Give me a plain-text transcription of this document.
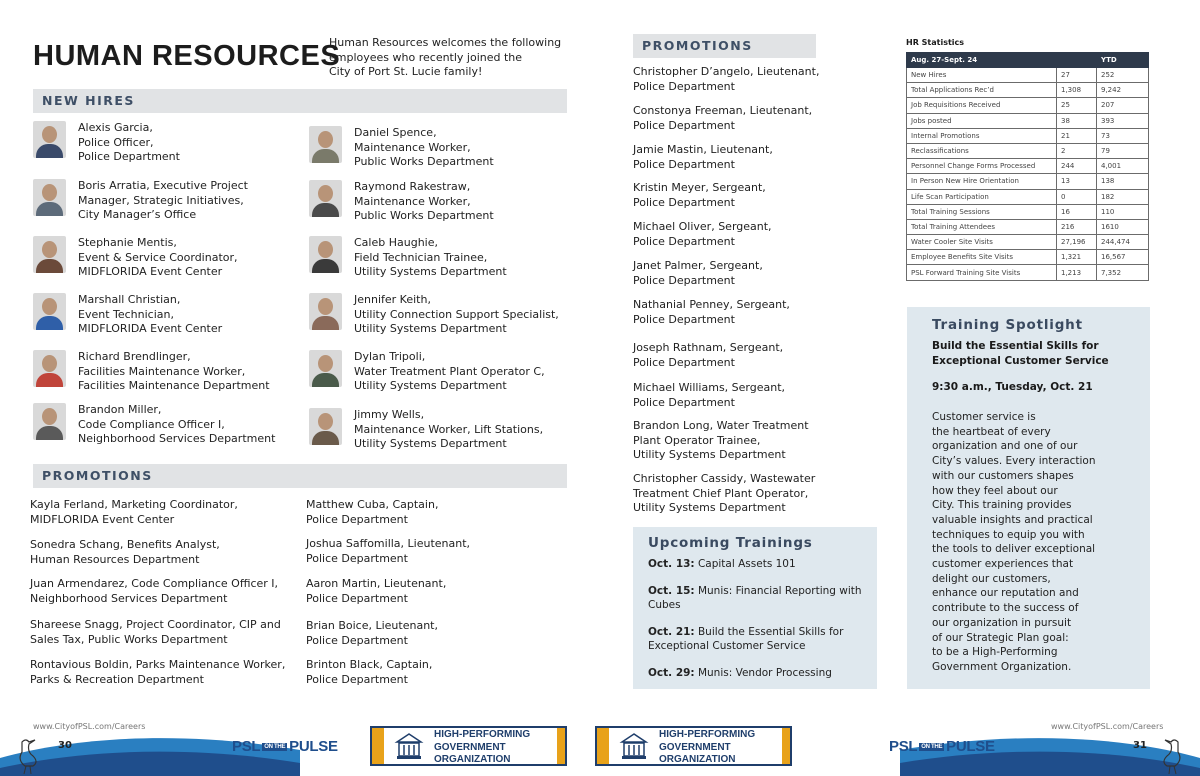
HUMAN RESOURCES
Human Resources welcomes the following
employees who recently joined the
City of Port St. Lucie family!
NEW HIRES
Alexis Garcia,
Police Officer,
Police Department
Boris Arratia, Executive Project
Manager, Strategic Initiatives,
City Manager’s Office
Stephanie Mentis,
Event & Service Coordinator,
MIDFLORIDA Event Center
Marshall Christian,
Event Technician,
MIDFLORIDA Event Center
Richard Brendlinger,
Facilities Maintenance Worker,
Facilities Maintenance Department
Brandon Miller,
Code Compliance Officer I,
Neighborhood Services Department
Daniel Spence,
Maintenance Worker,
Public Works Department
Raymond Rakestraw,
Maintenance Worker,
Public Works Department
Caleb Haughie,
Field Technician Trainee,
Utility Systems Department
Jennifer Keith,
Utility Connection Support Specialist,
Utility Systems Department
Dylan Tripoli,
Water Treatment Plant Operator C,
Utility Systems Department
Jimmy Wells,
Maintenance Worker, Lift Stations,
Utility Systems Department
PROMOTIONS
Kayla Ferland, Marketing Coordinator,
MIDFLORIDA Event Center
Sonedra Schang, Benefits Analyst,
Human Resources Department
Juan Armendarez, Code Compliance Officer I,
Neighborhood Services Department
Shareese Snagg, Project Coordinator, CIP and
Sales Tax, Public Works Department
Rontavious Boldin, Parks Maintenance Worker,
Parks & Recreation Department
Matthew Cuba, Captain,
Police Department
Joshua Saffomilla, Lieutenant,
Police Department
Aaron Martin, Lieutenant,
Police Department
Brian Boice, Lieutenant,
Police Department
Brinton Black, Captain,
Police Department
PROMOTIONS
Christopher D’angelo, Lieutenant,
Police Department
Constonya Freeman, Lieutenant,
Police Department
Jamie Mastin, Lieutenant,
Police Department
Kristin Meyer, Sergeant,
Police Department
Michael Oliver, Sergeant,
Police Department
Janet Palmer, Sergeant,
Police Department
Nathanial Penney, Sergeant,
Police Department
Joseph Rathnam, Sergeant,
Police Department
Michael Williams, Sergeant,
Police Department
Brandon Long, Water Treatment
Plant Operator Trainee,
Utility Systems Department
Christopher Cassidy, Wastewater
Treatment Chief Plant Operator,
Utility Systems Department
HR Statistics
Aug. 27-Sept. 24		YTD
New Hires	27	252
Total Applications Rec’d	1,308	9,242
Job Requisitions Received	25	207
Jobs posted	38	393
Internal Promotions	21	73
Reclassifications	2	79
Personnel Change Forms Processed	244	4,001
In Person New Hire Orientation	13	138
Life Scan Participation	0	182
Total Training Sessions	16	110
Total Training Attendees	216	1610
Water Cooler Site Visits	27,196	244,474
Employee Benefits Site Visits	1,321	16,567
PSL Forward Training Site Visits	1,213	7,352
Upcoming Trainings
Oct. 13: Capital Assets 101
Oct. 15: Munis: Financial Reporting with Cubes
Oct. 21: Build the Essential Skills for Exceptional Customer Service
Oct. 29: Munis: Vendor Processing
Training Spotlight
Build the Essential Skills for
Exceptional Customer Service
9:30 a.m., Tuesday, Oct. 21
Customer service is
the heartbeat of every
organization and one of our
City’s values. Every interaction
with our customers shapes
how they feel about our
City. This training provides
valuable insights and practical
techniques to equip you with
the tools to deliver exceptional
customer experiences that
delight our customers,
enhance our reputation and
contribute to the success of
our organization in pursuit
of our Strategic Plan goal:
to be a High-Performing
Government Organization.
www.CityofPSL.com/Careers	www.CityofPSL.com/Careers
30	31
PSL ON THE PULSE	PSL ON THE PULSE
HIGH-PERFORMING
GOVERNMENT
ORGANIZATION
HIGH-PERFORMING
GOVERNMENT
ORGANIZATION
